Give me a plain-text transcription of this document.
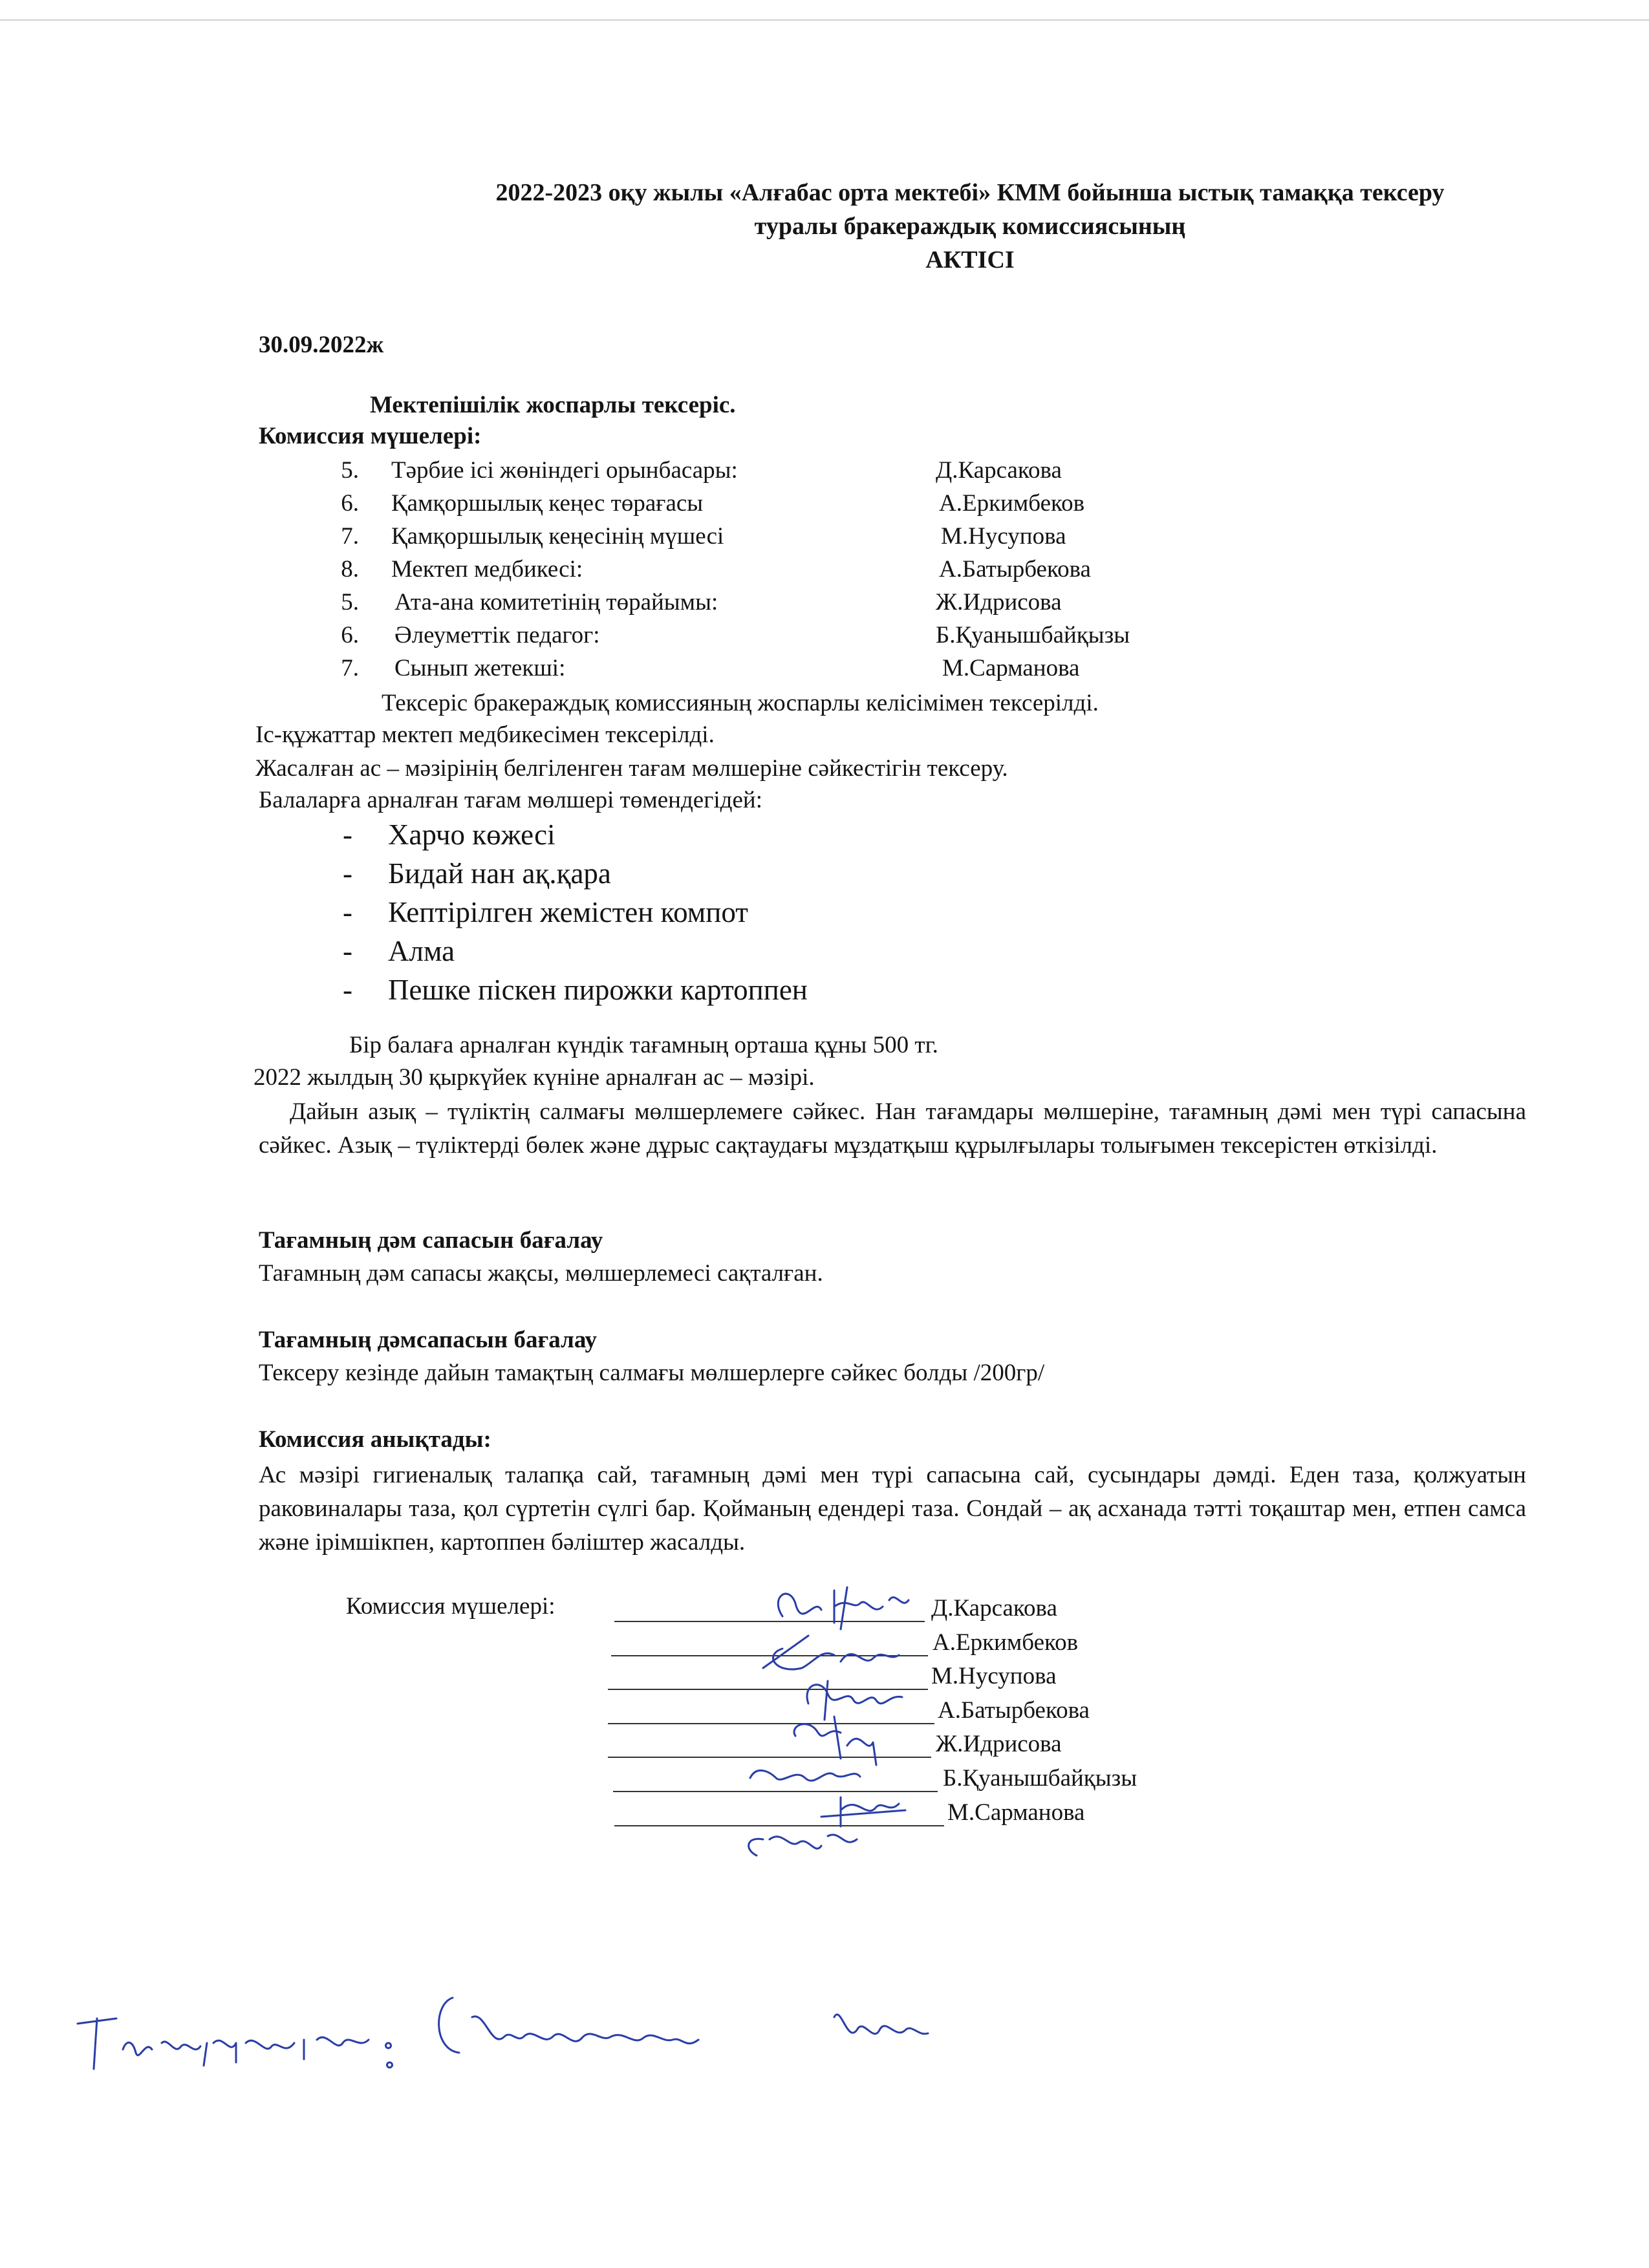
2022-2023 оқу жылы «Алғабас орта мектебі» КММ бойынша ыстық тамаққа тексеру
туралы бракераждық комиссиясының
АКТІСІ
30.09.2022ж
Мектепішілік жоспарлы тексеріс.
Комиссия мүшелері:
5. Тәрбие ісі жөніндегі орынбасары:	Д.Карсакова
6. Қамқоршылық кеңес төрағасы	А.Еркимбеков
7. Қамқоршылық кеңесінің мүшесі	М.Нусупова
8. Мектеп медбикесі:	А.Батырбекова
5. Ата-ана комитетінің төрайымы:	Ж.Идрисова
6. Әлеуметтік педагог:	Б.Қуанышбайқызы
7. Сынып жетекші:	М.Сарманова
Тексеріс бракераждық комиссияның жоспарлы келісімімен тексерілді.
Іс-құжаттар мектеп медбикесімен тексерілді.
Жасалған ас – мәзірінің белгіленген тағам мөлшеріне сәйкестігін тексеру.
Балаларға арналған тағам мөлшері төмендегідей:
- Харчо көжесі
- Бидай нан ақ.қара
- Кептірілген жемістен компот
- Алма
- Пешке піскен пирожки картоппен
Бір балаға арналған күндік тағамның орташа құны 500 тг.
2022 жылдың 30 қыркүйек күніне арналған ас – мәзірі.
Дайын азық – түліктің салмағы мөлшерлемеге сәйкес. Нан тағамдары мөлшеріне, тағамның дәмі мен түрі сапасына сәйкес. Азық – түліктерді бөлек және дұрыс сақтаудағы мұздатқыш құрылғылары толығымен тексерістен өткізілді.
Тағамның дәм сапасын бағалау
Тағамның дәм сапасы жақсы, мөлшерлемесі сақталған.
Тағамның дәмсапасын бағалау
Тексеру кезінде дайын тамақтың салмағы мөлшерлерге сәйкес болды /200гр/
Комиссия анықтады:
Ас мәзірі гигиеналық талапқа сай, тағамның дәмі мен түрі сапасына сай, сусындары дәмді. Еден таза, қолжуатын раковиналары таза, қол сүртетін сүлгі бар. Қойманың едендері таза. Сондай – ақ асханада тәтті тоқаштар мен, етпен самса және ірімшікпен, картоппен бәліштер жасалды.
Комиссия мүшелері:	Д.Карсакова
А.Еркимбеков
М.Нусупова
А.Батырбекова
Ж.Идрисова
Б.Қуанышбайқызы
М.Сарманова
